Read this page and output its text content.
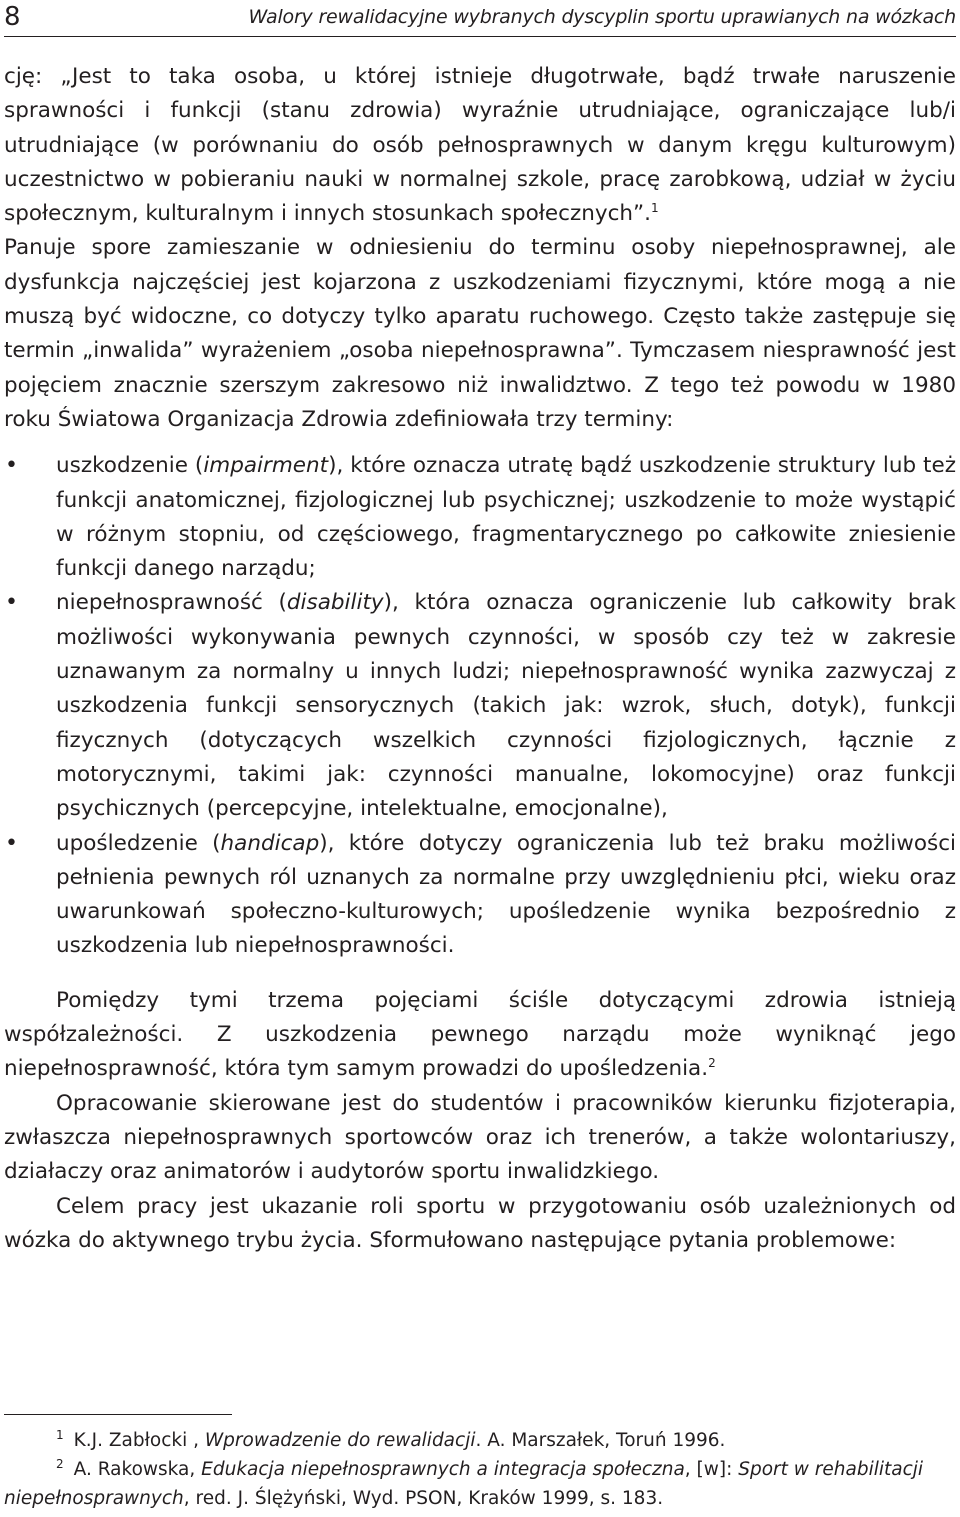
8	Walory rewalidacyjne wybranych dyscyplin sportu uprawianych na wózkach

cję: „Jest to taka osoba, u której istnieje długotrwałe, bądź trwałe naruszenie sprawności i funkcji (stanu zdrowia) wyraźnie utrudniające, ograniczające lub/i utrudniające (w porównaniu do osób pełnosprawnych w danym kręgu kulturowym) uczestnictwo w pobieraniu nauki w normalnej szkole, pracę zarobkową, udział w życiu społecznym, kulturalnym i innych stosunkach społecznych”.$^1$

Panuje spore zamieszanie w odniesieniu do terminu osoby niepełnosprawnej, ale dysfunkcja najczęściej jest kojarzona z uszkodzeniami fizycznymi, które mogą a nie muszą być widoczne, co dotyczy tylko aparatu ruchowego. Często także zastępuje się termin „inwalida” wyrażeniem „osoba niepełnosprawna”. Tymczasem niesprawność jest pojęciem znacznie szerszym zakresowo niż inwalidztwo. Z tego też powodu w 1980 roku Światowa Organizacja Zdrowia zdefiniowała trzy terminy:

• uszkodzenie (impairment), które oznacza utratę bądź uszkodzenie struktury lub też funkcji anatomicznej, fizjologicznej lub psychicznej; uszkodzenie to może wystąpić w różnym stopniu, od częściowego, fragmentarycznego po całkowite zniesienie funkcji danego narządu;
• niepełnosprawność (disability), która oznacza ograniczenie lub całkowity brak możliwości wykonywania pewnych czynności, w sposób czy też w zakresie uznawanym za normalny u innych ludzi; niepełnosprawność wynika zazwyczaj z uszkodzenia funkcji sensorycznych (takich jak: wzrok, słuch, dotyk), funkcji fizycznych (dotyczących wszelkich czynności fizjologicznych, łącznie z motorycznymi, takimi jak: czynności manualne, lokomocyjne) oraz funkcji psychicznych (percepcyjne, intelektualne, emocjonalne),
• upośledzenie (handicap), które dotyczy ograniczenia lub też braku możliwości pełnienia pewnych ról uznanych za normalne przy uwzględnieniu płci, wieku oraz uwarunkowań społeczno-kulturowych; upośledzenie wynika bezpośrednio z uszkodzenia lub niepełnosprawności.

Pomiędzy tymi trzema pojęciami ściśle dotyczącymi zdrowia istnieją współzależności. Z uszkodzenia pewnego narządu może wyniknąć jego niepełnosprawność, która tym samym prowadzi do upośledzenia.$^2$

Opracowanie skierowane jest do studentów i pracowników kierunku fizjoterapia, zwłaszcza niepełnosprawnych sportowców oraz ich trenerów, a także wolontariuszy, działaczy oraz animatorów i audytorów sportu inwalidzkiego.

Celem pracy jest ukazanie roli sportu w przygotowaniu osób uzależnionych od wózka do aktywnego trybu życia. Sformułowano następujące pytania problemowe:

$^1$ K.J. Zabłocki , Wprowadzenie do rewalidacji. A. Marszałek, Toruń 1996.

$^2$ A. Rakowska, Edukacja niepełnosprawnych a integracja społeczna, [w]: Sport w rehabilitacji niepełnosprawnych, red. J. Ślężyński, Wyd. PSON, Kraków 1999, s. 183.
